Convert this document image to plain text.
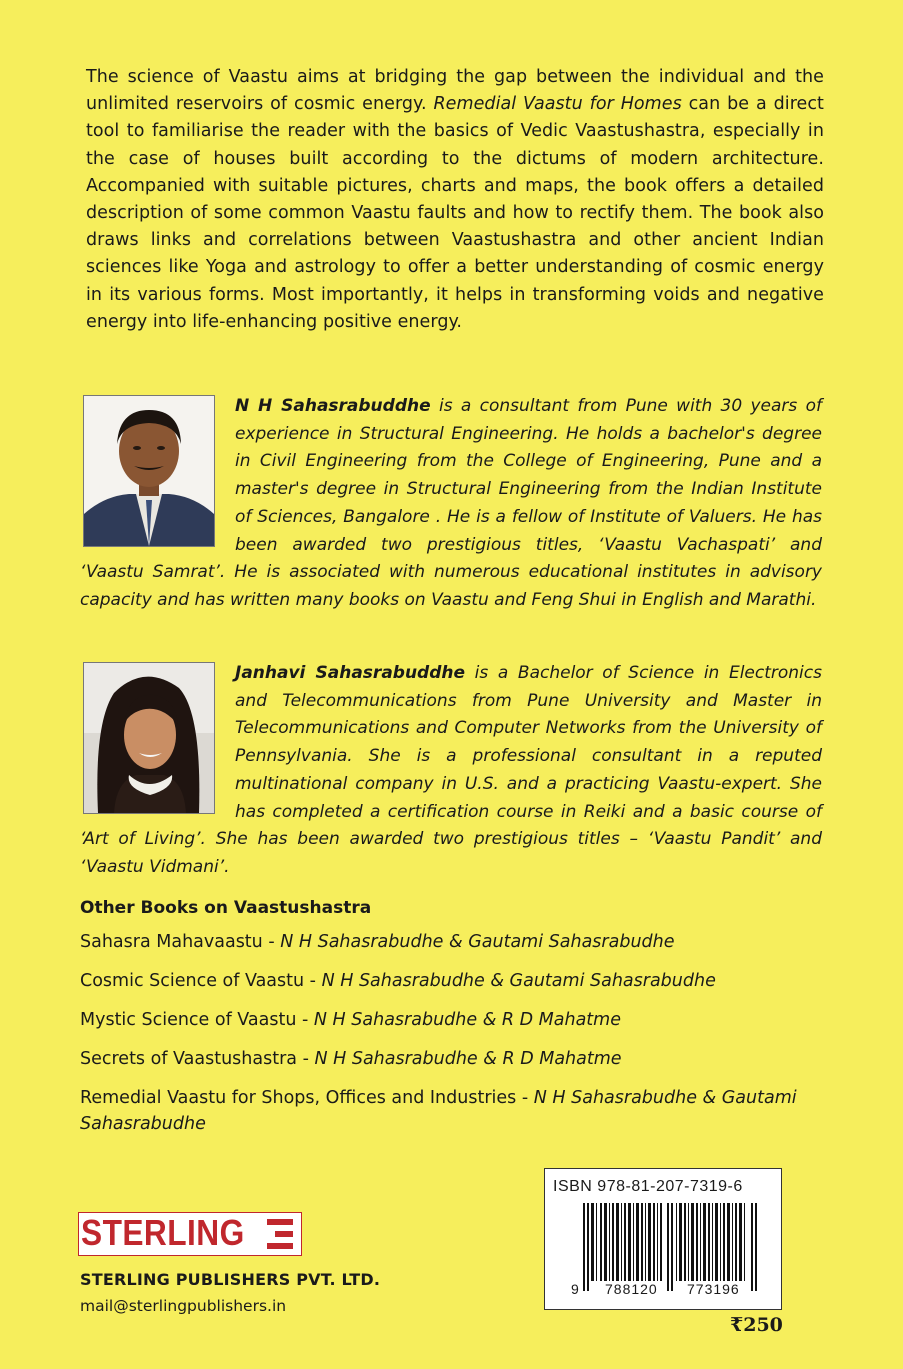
The science of Vaastu aims at bridging the gap between the individual and the unlimited reservoirs of cosmic energy. Remedial Vaastu for Homes can be a direct tool to familiarise the reader with the basics of Vedic Vaastushastra, especially in the case of houses built according to the dictums of modern architecture. Accompanied with suitable pictures, charts and maps, the book offers a detailed description of some common Vaastu faults and how to rectify them. The book also draws links and correlations between Vaastushastra and other ancient Indian sciences like Yoga and astrology to offer a better understanding of cosmic energy in its various forms. Most importantly, it helps in transforming voids and negative energy into life-enhancing positive energy.
N H Sahasrabuddhe is a consultant from Pune with 30 years of experience in Structural Engineering. He holds a bachelor's degree in Civil Engineering from the College of Engineering, Pune and a master's degree in Structural Engineering from the Indian Institute of Sciences, Bangalore . He is a fellow of Institute of Valuers. He has been awarded two prestigious titles, ‘Vaastu Vachaspati’ and ‘Vaastu Samrat’. He is associated with numerous educational institutes in advisory capacity and has written many books on Vaastu and Feng Shui in English and Marathi.
Janhavi Sahasrabuddhe is a Bachelor of Science in Electronics and Telecommunications from Pune University and Master in Telecommunications and Computer Networks from the University of Pennsylvania. She is a professional consultant in a reputed multinational company in U.S. and a practicing Vaastu-expert. She has completed a certification course in Reiki and a basic course of ‘Art of Living’. She has been awarded two prestigious titles – ‘Vaastu Pandit’ and ‘Vaastu Vidmani’.
Other Books on Vaastushastra
Sahasra Mahavaastu - N H Sahasrabudhe & Gautami Sahasrabudhe
Cosmic Science of Vaastu - N H Sahasrabudhe & Gautami Sahasrabudhe
Mystic Science of Vaastu - N H Sahasrabudhe & R D Mahatme
Secrets of Vaastushastra - N H Sahasrabudhe & R D Mahatme
Remedial Vaastu for Shops, Offices and Industries - N H Sahasrabudhe & Gautami Sahasrabudhe
STERLING
STERLING PUBLISHERS PVT. LTD.
mail@sterlingpublishers.in
ISBN 978-81-207-7319-6
9 788120 773196
₹250
